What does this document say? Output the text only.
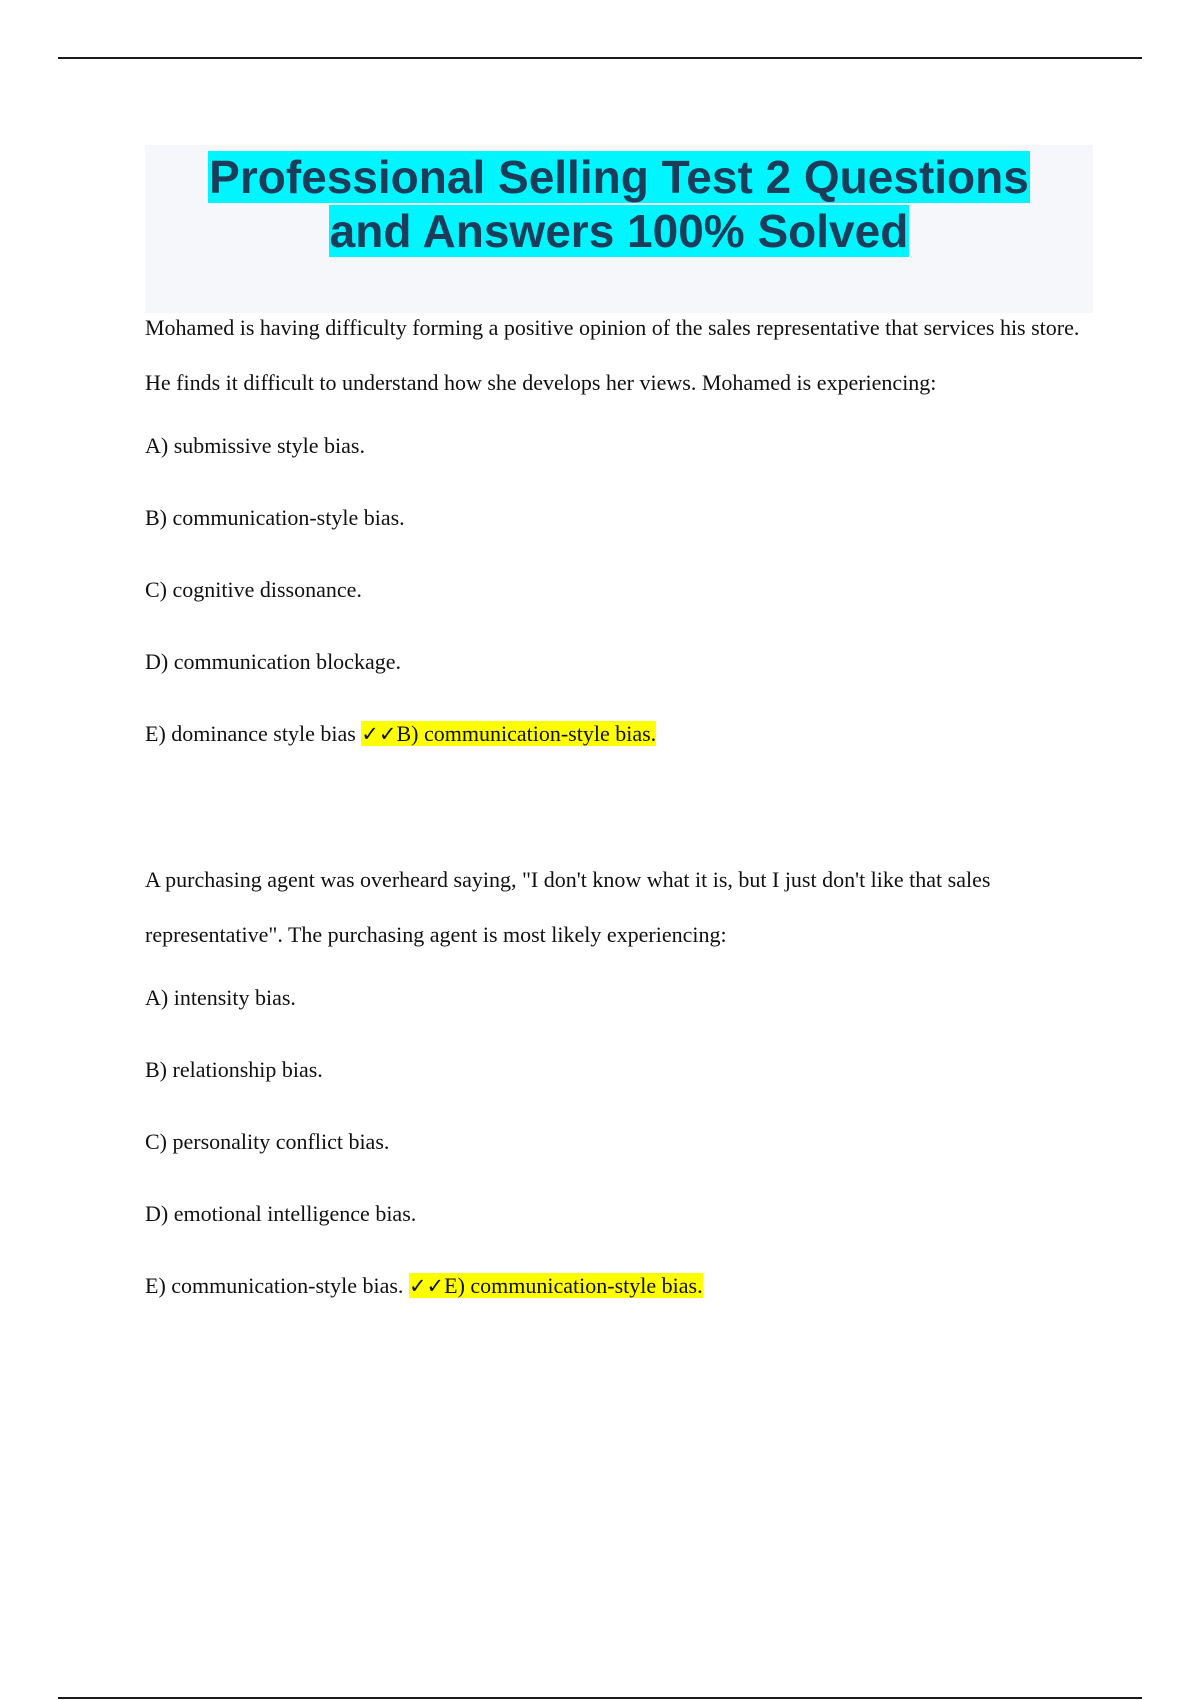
Professional Selling Test 2 Questions
and Answers 100% Solved

Mohamed is having difficulty forming a positive opinion of the sales representative that services his store. He finds it difficult to understand how she develops her views. Mohamed is experiencing:

A) submissive style bias.

B) communication-style bias.

C) cognitive dissonance.

D) communication blockage.

E) dominance style bias ✓✓B) communication-style bias.

A purchasing agent was overheard saying, "I don't know what it is, but I just don't like that sales representative". The purchasing agent is most likely experiencing:

A) intensity bias.

B) relationship bias.

C) personality conflict bias.

D) emotional intelligence bias.

E) communication-style bias. ✓✓E) communication-style bias.
